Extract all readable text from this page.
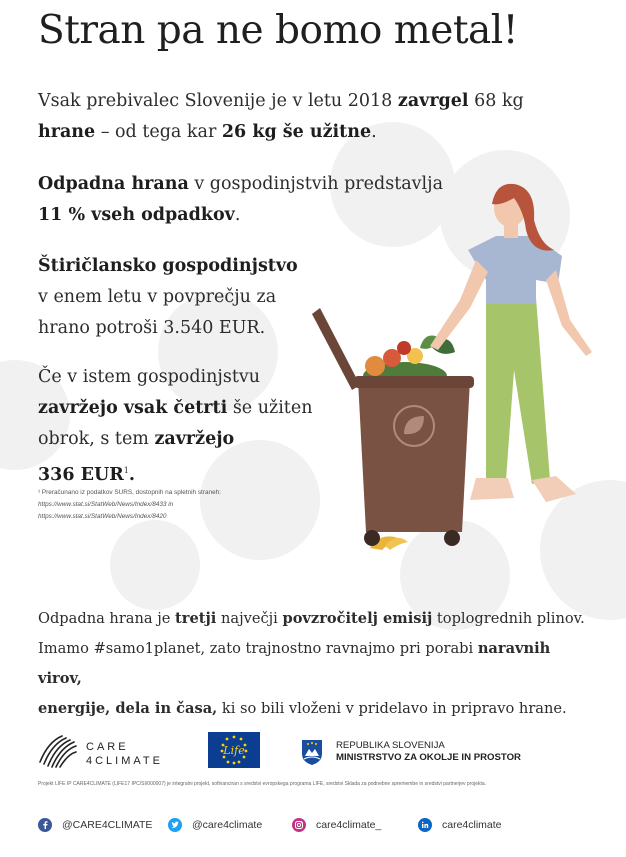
Stran pa ne bomo metal!

Vsak prebivalec Slovenije je v letu 2018 zavrgel 68 kg
hrane – od tega kar 26 kg še užitne.

Odpadna hrana v gospodinjstvih predstavlja
11 % vseh odpadkov.

Štiričlansko gospodinjstvo
v enem letu v povprečju za
hrano potroši 3.540 EUR.

Če v istem gospodinjstvu
zavržejo vsak četrti še užiten
obrok, s tem zavržejo
336 EUR$^1$.

¹ Preračunano iz podatkov SURS, dostopnih na spletnih straneh:
https://www.stat.si/StatWeb/News/Index/8433 in
https://www.stat.si/StatWeb/News/Index/8420

Odpadna hrana je tretji največji povzročitelj emisij toplogrednih plinov.
Imamo #samo1planet, zato trajnostno ravnajmo pri porabi naravnih virov,
energije, dela in časa, ki so bili vloženi v pridelavo in pripravo hrane.

CARE
4CLIMATE
Life	REPUBLIKA SLOVENIJA
MINISTRSTVO ZA OKOLJE IN PROSTOR
Projekt LIFE IP CARE4CLIMATE (LIFE17 IPC/SI/000007) je integralni projekt, sofinanciran s sredstvi evropskega programa LIFE, sredstvi Sklada za podnebne spremembe in sredstvi partnerjev projekta.
@CARE4CLIMATE	@care4climate	care4climate_	care4climate
